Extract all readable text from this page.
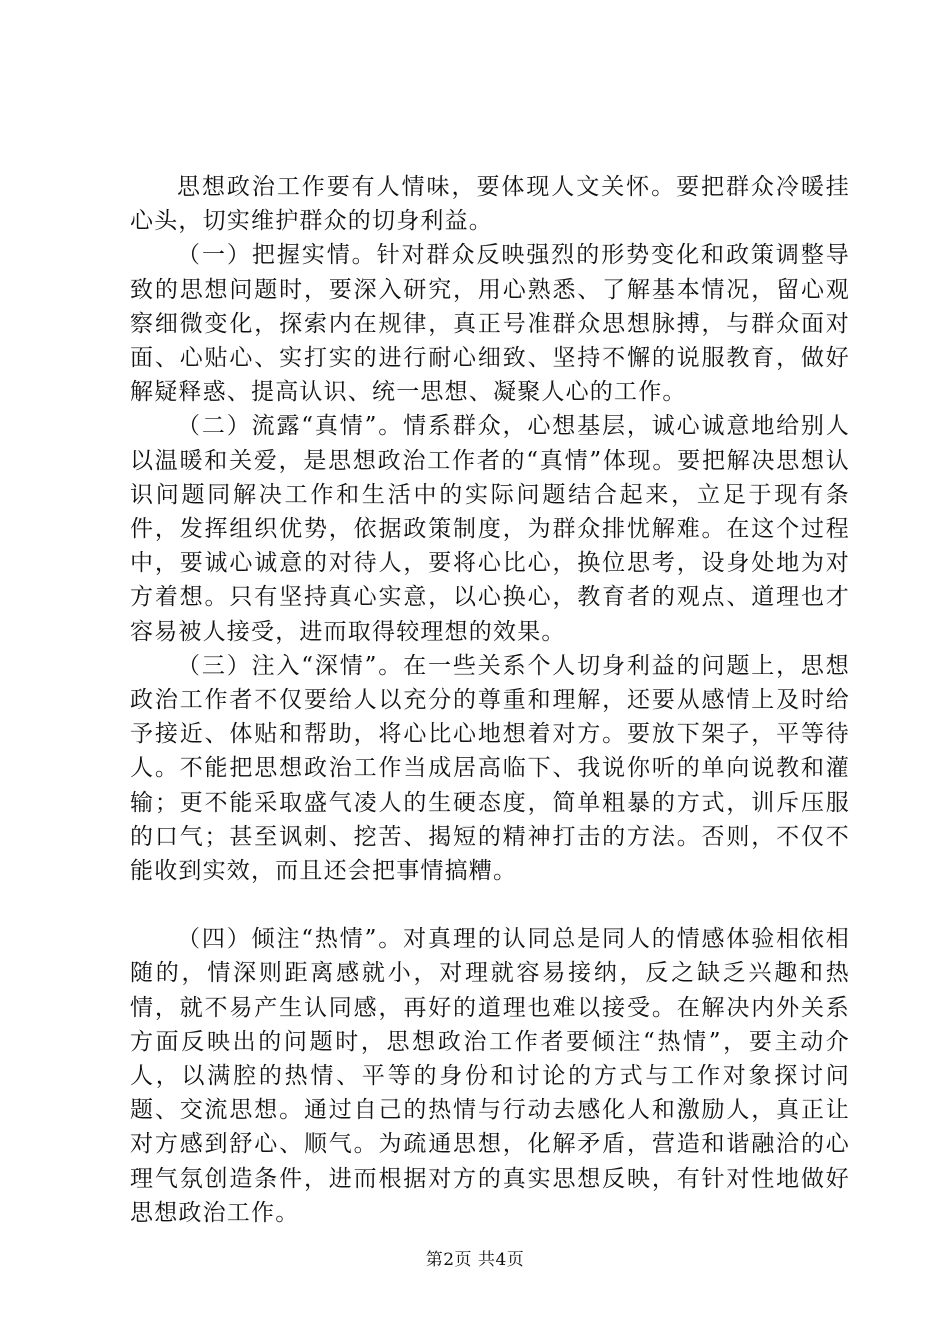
思想政治工作要有人情味，要体现人文关怀。要把群众冷暖挂心头，切实维护群众的切身利益。

（一）把握实情。针对群众反映强烈的形势变化和政策调整导致的思想问题时，要深入研究，用心熟悉、了解基本情况，留心观察细微变化，探索内在规律，真正号准群众思想脉搏，与群众面对面、心贴心、实打实的进行耐心细致、坚持不懈的说服教育，做好解疑释惑、提高认识、统一思想、凝聚人心的工作。

（二）流露“真情”。情系群众，心想基层，诚心诚意地给别人以温暖和关爱，是思想政治工作者的“真情”体现。要把解决思想认识问题同解决工作和生活中的实际问题结合起来，立足于现有条件，发挥组织优势，依据政策制度，为群众排忧解难。在这个过程中，要诚心诚意的对待人，要将心比心，换位思考，设身处地为对方着想。只有坚持真心实意，以心换心，教育者的观点、道理也才容易被人接受，进而取得较理想的效果。

（三）注入“深情”。在一些关系个人切身利益的问题上，思想政治工作者不仅要给人以充分的尊重和理解，还要从感情上及时给予接近、体贴和帮助，将心比心地想着对方。要放下架子，平等待人。不能把思想政治工作当成居高临下、我说你听的单向说教和灌输；更不能采取盛气凌人的生硬态度，简单粗暴的方式，训斥压服的口气；甚至讽刺、挖苦、揭短的精神打击的方法。否则，不仅不能收到实效，而且还会把事情搞糟。

（四）倾注“热情”。对真理的认同总是同人的情感体验相依相随的，情深则距离感就小，对理就容易接纳，反之缺乏兴趣和热情，就不易产生认同感，再好的道理也难以接受。在解决内外关系方面反映出的问题时，思想政治工作者要倾注“热情”，要主动介人，以满腔的热情、平等的身份和讨论的方式与工作对象探讨问题、交流思想。通过自己的热情与行动去感化人和激励人，真正让对方感到舒心、顺气。为疏通思想，化解矛盾，营造和谐融洽的心理气氛创造条件，进而根据对方的真实思想反映，有针对性地做好思想政治工作。

第2页 共4页
